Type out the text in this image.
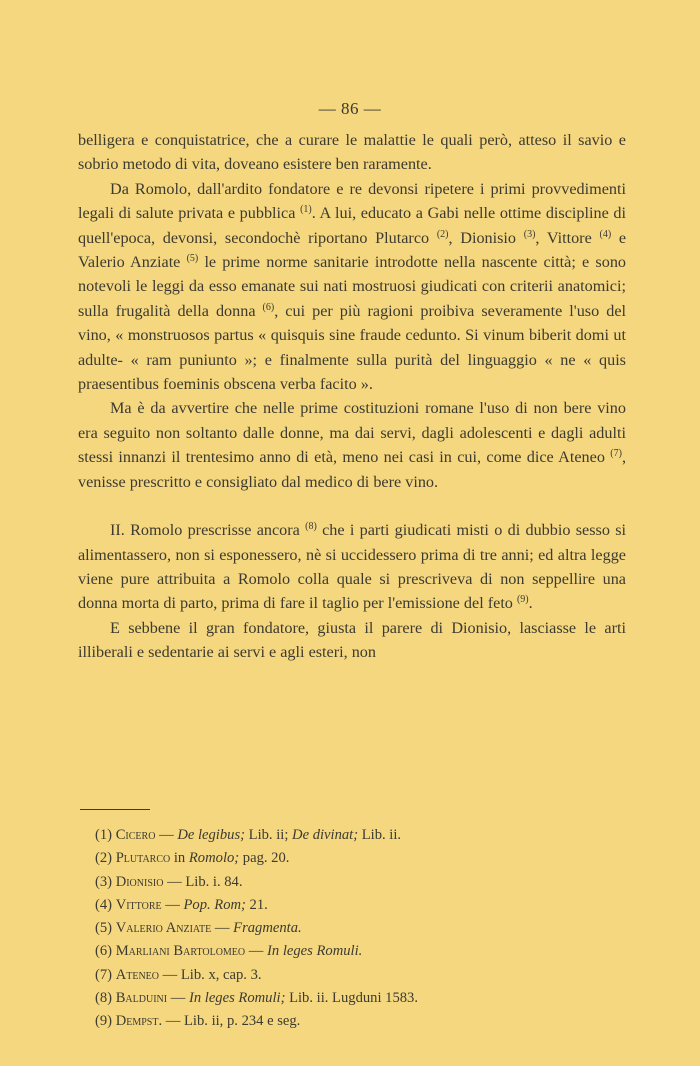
— 86 —

belligera e conquistatrice, che a curare le malattie le quali però, atteso il savio e sobrio metodo di vita, doveano esistere ben raramente.

Da Romolo, dall'ardito fondatore e re devonsi ripetere i primi provvedimenti legali di salute privata e pubblica $^{(1)}$. A lui, educato a Gabi nelle ottime discipline di quell'epoca, devonsi, secondochè riportano Plutarco $^{(2)}$, Dionisio $^{(3)}$, Vittore $^{(4)}$ e Valerio Anziate $^{(5)}$ le prime norme sanitarie introdotte nella nascente città; e sono notevoli le leggi da esso emanate sui nati mostruosi giudicati con criterii anatomici; sulla frugalità della donna $^{(6)}$, cui per più ragioni proibiva severamente l'uso del vino, « monstruosos partus « quisquis sine fraude cedunto. Si vinum biberit domi ut adulte- « ram puniunto »; e finalmente sulla purità del linguaggio « ne « quis praesentibus foeminis obscena verba facito ».

Ma è da avvertire che nelle prime costituzioni romane l'uso di non bere vino era seguito non soltanto dalle donne, ma dai servi, dagli adolescenti e dagli adulti stessi innanzi il trentesimo anno di età, meno nei casi in cui, come dice Ateneo $^{(7)}$, venisse prescritto e consigliato dal medico di bere vino.

II. Romolo prescrisse ancora $^{(8)}$ che i parti giudicati misti o di dubbio sesso si alimentassero, non si esponessero, nè si uccidessero prima di tre anni; ed altra legge viene pure attribuita a Romolo colla quale si prescriveva di non seppellire una donna morta di parto, prima di fare il taglio per l'emissione del feto $^{(9)}$.

E sebbene il gran fondatore, giusta il parere di Dionisio, lasciasse le arti illiberali e sedentarie ai servi e agli esteri, non

(1) Cicero — De legibus; Lib. ii; De divinat; Lib. ii.
(2) Plutarco in Romolo; pag. 20.
(3) Dionisio — Lib. i. 84.
(4) Vittore — Pop. Rom; 21.
(5) Valerio Anziate — Fragmenta.
(6) Marliani Bartolomeo — In leges Romuli.
(7) Ateneo — Lib. x, cap. 3.
(8) Balduini — In leges Romuli; Lib. ii. Lugduni 1583.
(9) Dempst. — Lib. ii, p. 234 e seg.
